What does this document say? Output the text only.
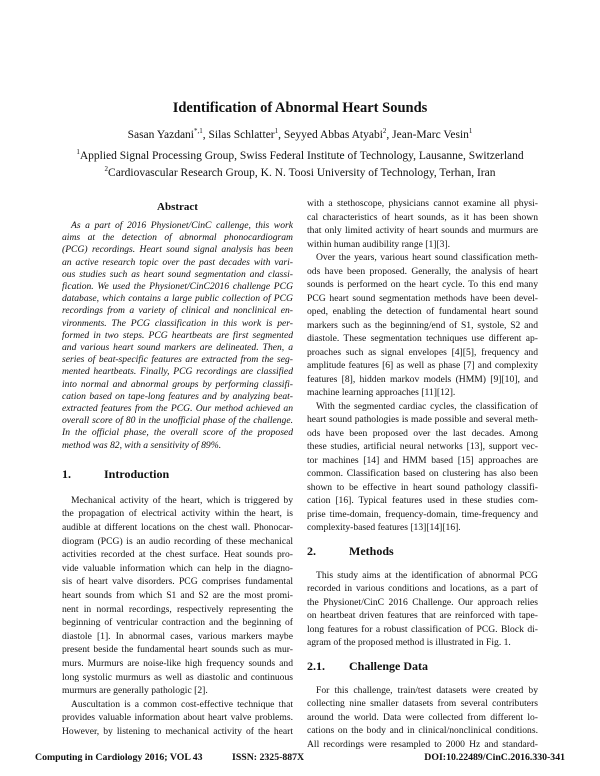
Identification of Abnormal Heart Sounds
Sasan Yazdani$^{*,1}$, Silas Schlatter$^1$, Seyyed Abbas Atyabi$^2$, Jean-Marc Vesin$^1$
$^1$Applied Signal Processing Group, Swiss Federal Institute of Technology, Lausanne, Switzerland
$^2$Cardiovascular Research Group, K. N. Toosi University of Technology, Terhan, Iran
Abstract
As a part of 2016 Physionet/CinC callenge, this work
aims at the detection of abnormal phonocardiogram
(PCG) recordings. Heart sound signal analysis has been
an active research topic over the past decades with vari-
ous studies such as heart sound segmentation and classi-
fication. We used the Physionet/CinC2016 challenge PCG
database, which contains a large public collection of PCG
recordings from a variety of clinical and nonclinical en-
vironments. The PCG classification in this work is per-
formed in two steps. PCG heartbeats are first segmented
and various heart sound markers are delineated. Then, a
series of beat-specific features are extracted from the seg-
mented heartbeats. Finally, PCG recordings are classified
into normal and abnormal groups by performing classifi-
cation based on tape-long features and by analyzing beat-
extracted features from the PCG. Our method achieved an
overall score of 80 in the unofficial phase of the challenge.
In the official phase, the overall score of the proposed
method was 82, with a sensitivity of 89%.
1.	Introduction
Mechanical activity of the heart, which is triggered by
the propagation of electrical activity within the heart, is
audible at different locations on the chest wall. Phonocar-
diogram (PCG) is an audio recording of these mechanical
activities recorded at the chest surface. Heat sounds pro-
vide valuable information which can help in the diagno-
sis of heart valve disorders. PCG comprises fundamental
heart sounds from which S1 and S2 are the most promi-
nent in normal recordings, respectively representing the
beginning of ventricular contraction and the beginning of
diastole [1]. In abnormal cases, various markers maybe
present beside the fundamental heart sounds such as mur-
murs. Murmurs are noise-like high frequency sounds and
long systolic murmurs as well as diastolic and continuous
murmurs are generally pathologic [2].
Auscultation is a common cost-effective technique that
provides valuable information about heart valve problems.
However, by listening to mechanical activity of the heart
with a stethoscope, physicians cannot examine all physi-
cal characteristics of heart sounds, as it has been shown
that only limited activity of heart sounds and murmurs are
within human audibility range [1][3].
Over the years, various heart sound classification meth-
ods have been proposed. Generally, the analysis of heart
sounds is performed on the heart cycle. To this end many
PCG heart sound segmentation methods have been devel-
oped, enabling the detection of fundamental heart sound
markers such as the beginning/end of S1, systole, S2 and
diastole. These segmentation techniques use different ap-
proaches such as signal envelopes [4][5], frequency and
amplitude features [6] as well as phase [7] and complexity
features [8], hidden markov models (HMM) [9][10], and
machine learning approaches [11][12].
With the segmented cardiac cycles, the classification of
heart sound pathologies is made possible and several meth-
ods have been proposed over the last decades. Among
these studies, artificial neural networks [13], support vec-
tor machines [14] and HMM based [15] approaches are
common. Classification based on clustering has also been
shown to be effective in heart sound pathology classifi-
cation [16]. Typical features used in these studies com-
prise time-domain, frequency-domain, time-frequency and
complexity-based features [13][14][16].
2.	Methods
This study aims at the identification of abnormal PCG
recorded in various conditions and locations, as a part of
the Physionet/CinC 2016 Challenge. Our approach relies
on heartbeat driven features that are reinforced with tape-
long features for a robust classification of PCG. Block di-
agram of the proposed method is illustrated in Fig. 1.
2.1.	Challenge Data
For this challenge, train/test datasets were created by
collecting nine smaller datasets from several contributers
around the world. Data were collected from different lo-
cations on the body and in clinical/nonclinical conditions.
All recordings were resampled to 2000 Hz and standard-
Computing in Cardiology 2016; VOL 43	ISSN: 2325-887X	DOI:10.22489/CinC.2016.330-341
